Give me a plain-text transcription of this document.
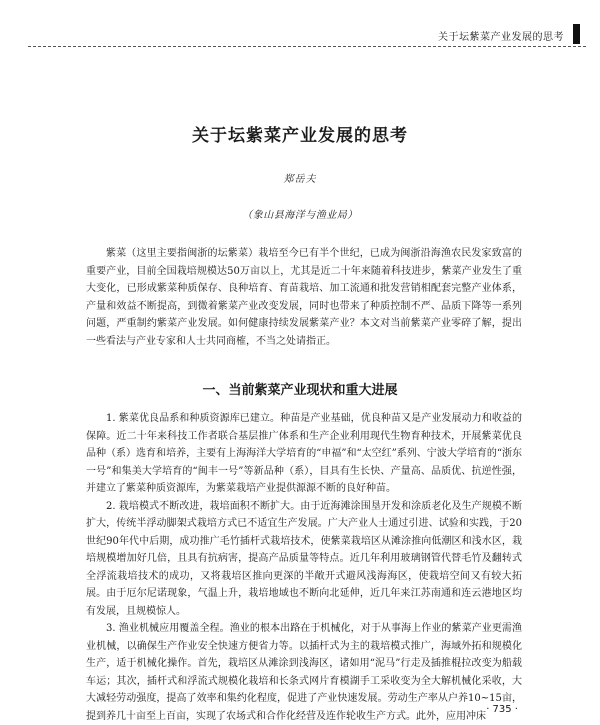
关于坛紫菜产业发展的思考
关于坛紫菜产业发展的思考
郑岳夫
（象山县海洋与渔业局）

紫菜（这里主要指闽浙的坛紫菜）栽培至今已有半个世纪，已成为闽浙沿海渔农民发家致富的重要产业，目前全国栽培规模达50万亩以上，尤其是近二十年来随着科技进步，紫菜产业发生了重大变化，已形成紫菜种质保存、良种培育、育苗栽培、加工流通和批发营销相配套完整产业体系，产量和效益不断提高，到微着紫菜产业改变发展，同时也带来了种质控制不严、品质下降等一系列问题，严重制约紫菜产业发展。如何健康持续发展紫菜产业？本文对当前紫菜产业零碎了解，提出一些看法与产业专家和人士共同商榷，不当之处请指正。

一、当前紫菜产业现状和重大进展

1. 紫菜优良品系和种质资源库已建立。种苗是产业基础，优良种苗又是产业发展动力和收益的保障。近二十年来科技工作者联合基层推广体系和生产企业利用现代生物育种技术，开展紫菜优良品种（系）选育和培养，主要有上海海洋大学培育的“申福”和“太空红”系列、宁波大学培育的“浙东一号”和集美大学培育的“闽丰一号”等新品种（系），目具有生长快、产量高、品质优、抗逆性强，并建立了紫菜种质资源库，为紫菜栽培产业提供源源不断的良好种苗。

2. 栽培模式不断改进，栽培面积不断扩大。由于近海滩涂围垦开发和涂质老化及生产规模不断扩大，传统半浮动脚架式栽培方式已不适宜生产发展。广大产业人士通过引进、试验和实践，于20世纪90年代中后期，成功推广毛竹插杆式栽培技术，使紫菜栽培区从滩涂推向低潮区和浅水区，栽培规模增加好几倍，且具有抗病害，提高产品质量等特点。近几年利用玻璃钢管代替毛竹及翻转式全浮流栽培技术的成功，又将栽培区推向更深的半敞开式避风浅海海区，使栽培空间又有较大拓展。由于厄尔尼诺现象，气温上升，栽培地域也不断向北延伸，近几年来江苏南通和连云港地区均有发展，且规模惊人。

3. 渔业机械应用覆盖全程。渔业的根本出路在于机械化，对于从事海上作业的紫菜产业更需渔业机械，以确保生产作业安全快速方便省力等。以插杆式为主的栽培模式推广，海域外拓和规模化生产，适于机械化操作。首先，栽培区从滩涂到浅海区，诸如用“泥马”行走及插推棍拉改变为船载车运；其次，插杆式和浮流式规模化栽培和长条式网片育模湖手工采收变为全大解机械化采收，大大减轻劳动强度，提高了效率和集约化程度，促进了产业快速发展。劳动生产率从户养10~15亩，提到养几十亩至上百亩，实现了农场式和合作化经营及连作轮收生产方式。此外，应用冲床

· 735 ·
